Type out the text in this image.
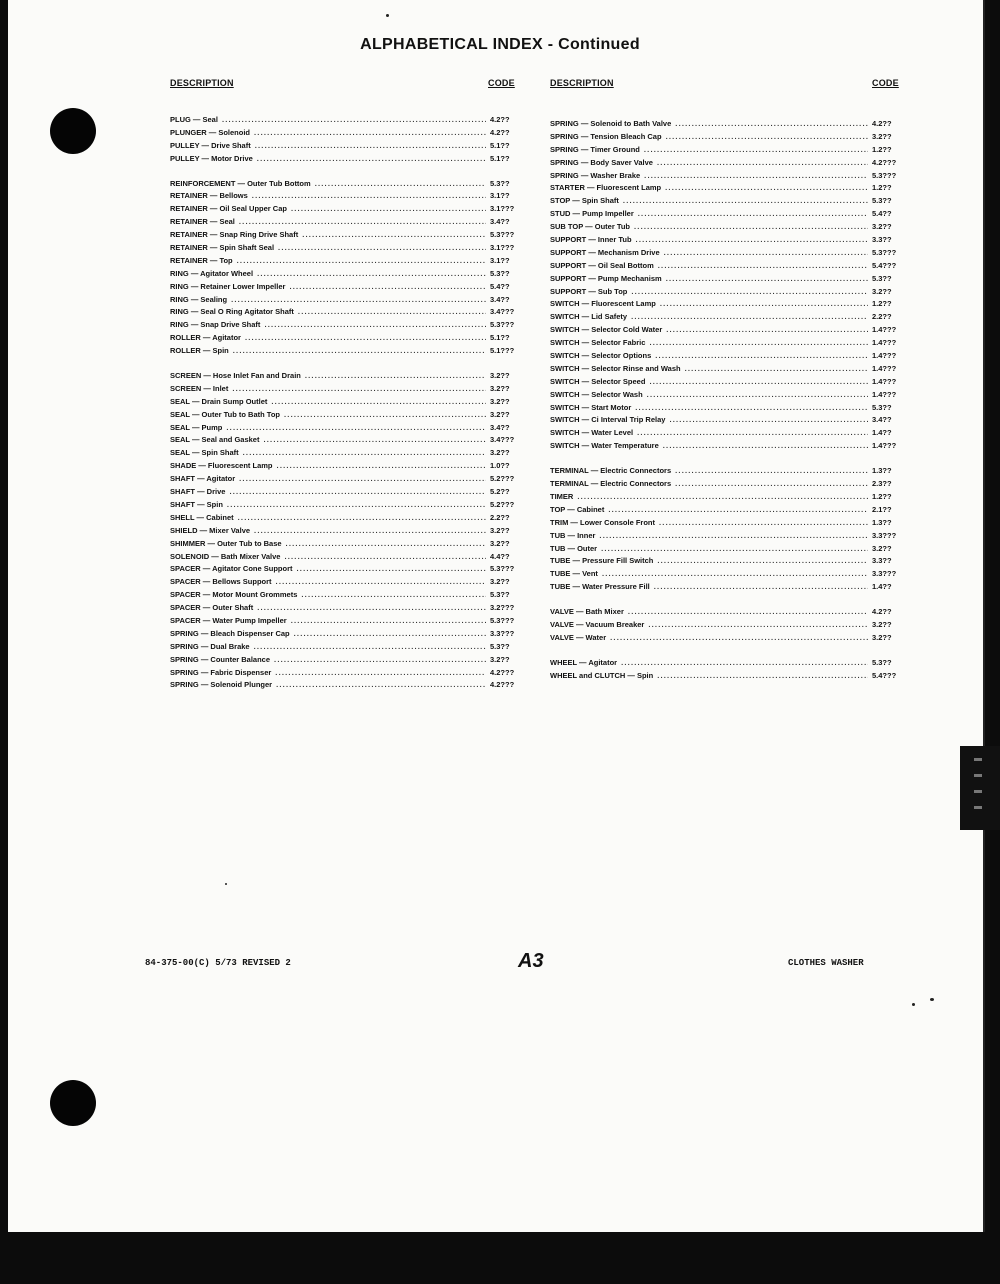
ALPHABETICAL INDEX - Continued
DESCRIPTION	CODE	DESCRIPTION	CODE
PLUG — Seal .....	4.2??
PLUNGER — Solenoid .....	4.2??
PULLEY — Drive Shaft .....	5.1??
PULLEY — Motor Drive .....	5.1??
REINFORCEMENT — Outer Tub Bottom .....	5.3??
RETAINER — Bellows .....	3.1??
RETAINER — Oil Seal Upper Cap .....	3.1???
RETAINER — Seal .....	3.4??
RETAINER — Snap Ring Drive Shaft .....	5.3???
RETAINER — Spin Shaft Seal .....	3.1???
RETAINER — Top .....	3.1??
RING — Agitator Wheel .....	5.3??
RING — Retainer Lower Impeller .....	5.4??
RING — Sealing .....	3.4??
RING — Seal O Ring Agitator Shaft .....	3.4???
RING — Snap Drive Shaft .....	5.3???
ROLLER — Agitator .....	5.1??
ROLLER — Spin .....	5.1???
SCREEN — Hose Inlet Fan and Drain .....	3.2??
SCREEN — Inlet .....	3.2??
SEAL — Drain Sump Outlet .....	3.2??
SEAL — Outer Tub to Bath Top .....	3.2??
SEAL — Pump .....	3.4??
SEAL — Seal and Gasket .....	3.4???
SEAL — Spin Shaft .....	3.2??
SHADE — Fluorescent Lamp .....	1.0??
SHAFT — Agitator .....	5.2???
SHAFT — Drive .....	5.2??
SHAFT — Spin .....	5.2???
SHELL — Cabinet .....	2.2??
SHIELD — Mixer Valve .....	3.2??
SHIMMER — Outer Tub to Base .....	3.2??
SOLENOID — Bath Mixer Valve .....	4.4??
SPACER — Agitator Cone Support .....	5.3???
SPACER — Bellows Support .....	3.2??
SPACER — Motor Mount Grommets .....	5.3??
SPACER — Outer Shaft .....	3.2???
SPACER — Water Pump Impeller .....	5.3???
SPRING — Bleach Dispenser Cap .....	3.3???
SPRING — Dual Brake .....	5.3??
SPRING — Counter Balance .....	3.2??
SPRING — Fabric Dispenser .....	4.2???
SPRING — Solenoid Plunger .....	4.2???
SPRING — Solenoid to Bath Valve .....	4.2??
SPRING — Tension Bleach Cap .....	3.2??
SPRING — Timer Ground .....	1.2??
SPRING — Body Saver Valve .....	4.2???
SPRING — Washer Brake .....	5.3???
STARTER — Fluorescent Lamp .....	1.2??
STOP — Spin Shaft .....	5.3??
STUD — Pump Impeller .....	5.4??
SUB TOP — Outer Tub .....	3.2??
SUPPORT — Inner Tub .....	3.3??
SUPPORT — Mechanism Drive .....	5.3???
SUPPORT — Oil Seal Bottom .....	5.4???
SUPPORT — Pump Mechanism .....	5.3??
SUPPORT — Sub Top .....	3.2??
SWITCH — Fluorescent Lamp .....	1.2??
SWITCH — Lid Safety .....	2.2??
SWITCH — Selector Cold Water .....	1.4???
SWITCH — Selector Fabric .....	1.4???
SWITCH — Selector Options .....	1.4???
SWITCH — Selector Rinse and Wash .....	1.4???
SWITCH — Selector Speed .....	1.4???
SWITCH — Selector Wash .....	1.4???
SWITCH — Start Motor .....	5.3??
SWITCH — Ci Interval Trip Relay .....	3.4??
SWITCH — Water Level .....	1.4??
SWITCH — Water Temperature .....	1.4???
TERMINAL — Electric Connectors .....	1.3??
TERMINAL — Electric Connectors .....	2.3??
TIMER .....	1.2??
TOP — Cabinet .....	2.1??
TRIM — Lower Console Front .....	1.3??
TUB — Inner .....	3.3???
TUB — Outer .....	3.2??
TUBE — Pressure Fill Switch .....	3.3??
TUBE — Vent .....	3.3???
TUBE — Water Pressure Fill .....	1.4??
VALVE — Bath Mixer .....	4.2??
VALVE — Vacuum Breaker .....	3.2??
VALVE — Water .....	3.2??
WHEEL — Agitator .....	5.3??
WHEEL and CLUTCH — Spin .....	5.4???
84-375-00(C) 5/73 REVISED 2	A3	CLOTHES WASHER
